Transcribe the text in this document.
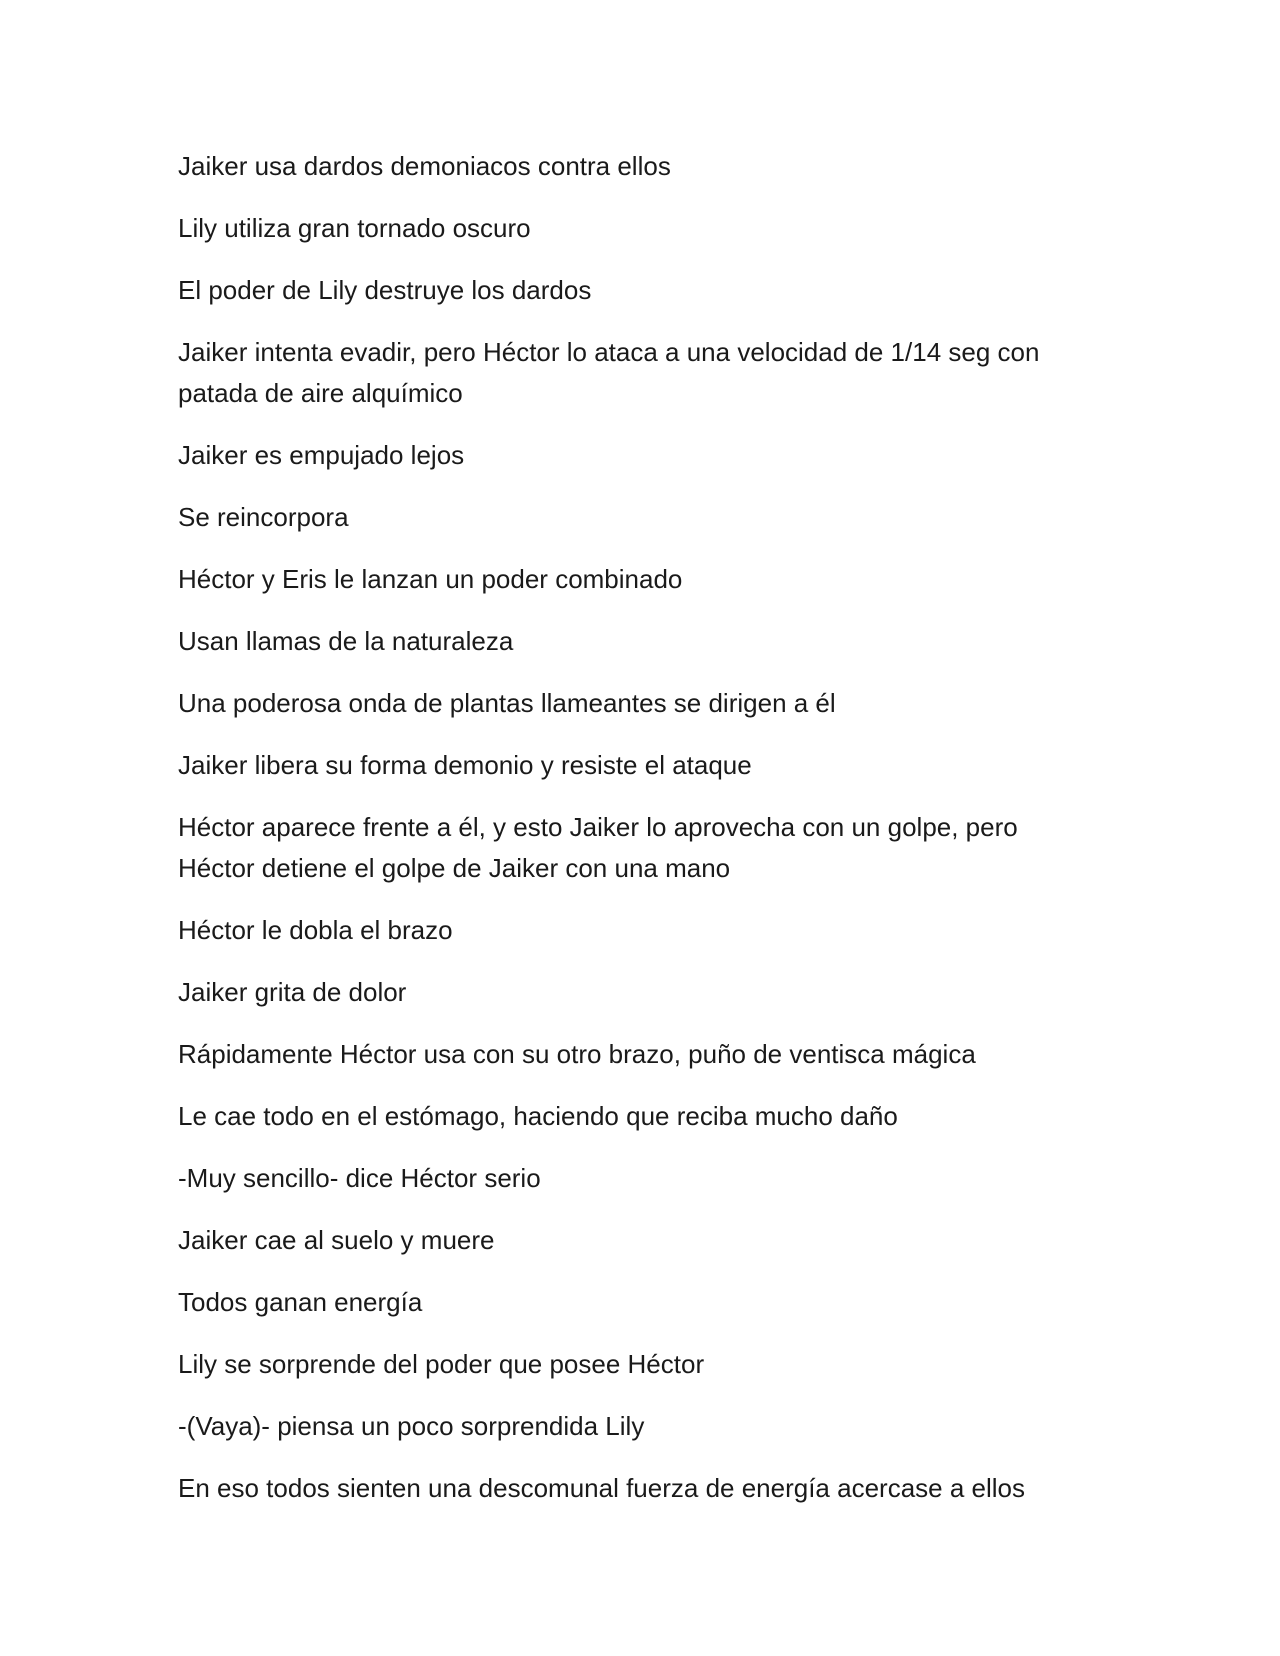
Jaiker usa dardos demoniacos contra ellos

Lily utiliza gran tornado oscuro

El poder de Lily destruye los dardos

Jaiker intenta evadir, pero Héctor lo ataca a una velocidad de 1/14 seg con patada de aire alquímico

Jaiker es empujado lejos

Se reincorpora

Héctor y Eris le lanzan un poder combinado

Usan llamas de la naturaleza

Una poderosa onda de plantas llameantes se dirigen a él

Jaiker libera su forma demonio y resiste el ataque

Héctor aparece frente a él, y esto Jaiker lo aprovecha con un golpe, pero Héctor detiene el golpe de Jaiker con una mano

Héctor le dobla el brazo

Jaiker grita de dolor

Rápidamente Héctor usa con su otro brazo, puño de ventisca mágica

Le cae todo en el estómago, haciendo que reciba mucho daño

-Muy sencillo- dice Héctor serio

Jaiker cae al suelo y muere

Todos ganan energía

Lily se sorprende del poder que posee Héctor

-(Vaya)- piensa un poco sorprendida Lily

En eso todos sienten una descomunal fuerza de energía acercase a ellos
